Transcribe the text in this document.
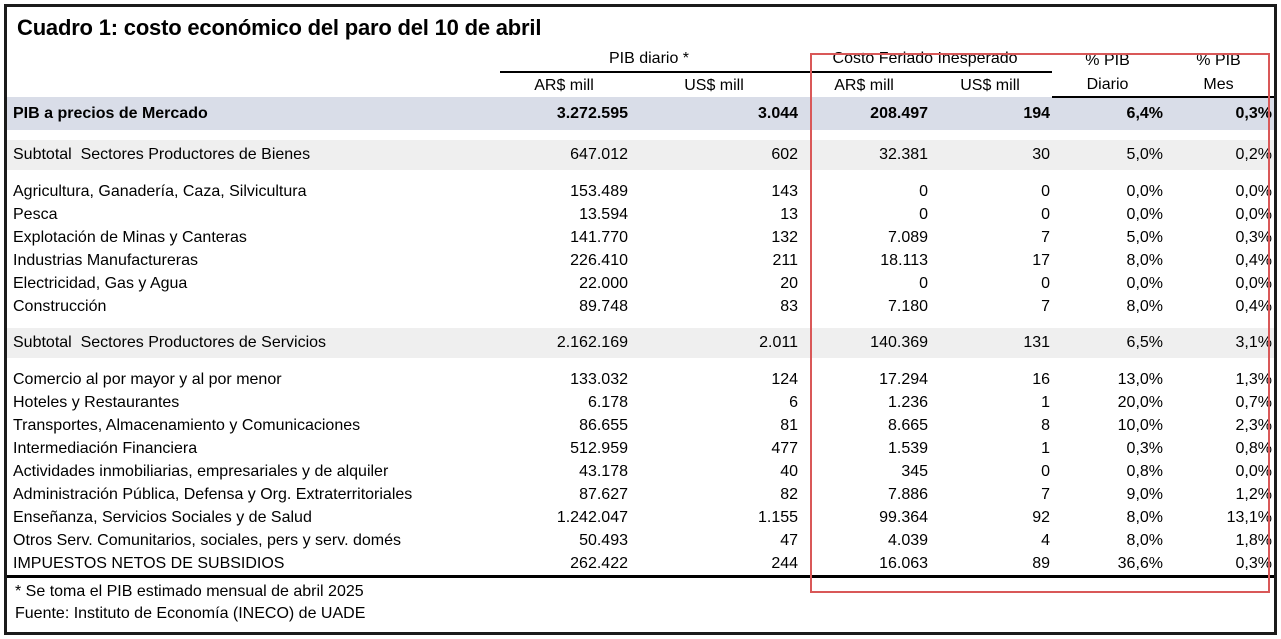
Cuadro 1: costo económico del paro del 10 de abril
	PIB diario *		Costo Feriado Inesperado		% PIB	% PIB
	AR$ mill	US$ mill	AR$ mill	US$ mill	Diario	Mes
PIB a precios de Mercado	3.272.595	3.044	208.497	194	6,4%	0,3%

Subtotal  Sectores Productores de Bienes	647.012	602	32.381	30	5,0%	0,2%

Agricultura, Ganadería, Caza, Silvicultura	153.489	143	0	0	0,0%	0,0%
Pesca	13.594	13	0	0	0,0%	0,0%
Explotación de Minas y Canteras	141.770	132	7.089	7	5,0%	0,3%
Industrias Manufactureras	226.410	211	18.113	17	8,0%	0,4%
Electricidad, Gas y Agua	22.000	20	0	0	0,0%	0,0%
Construcción	89.748	83	7.180	7	8,0%	0,4%

Subtotal  Sectores Productores de Servicios	2.162.169	2.011	140.369	131	6,5%	3,1%

Comercio al por mayor y al por menor	133.032	124	17.294	16	13,0%	1,3%
Hoteles y Restaurantes	6.178	6	1.236	1	20,0%	0,7%
Transportes, Almacenamiento y Comunicaciones	86.655	81	8.665	8	10,0%	2,3%
Intermediación Financiera	512.959	477	1.539	1	0,3%	0,8%
Actividades inmobiliarias, empresariales y de alquiler	43.178	40	345	0	0,8%	0,0%
Administración Pública, Defensa y Org. Extraterritoriales	87.627	82	7.886	7	9,0%	1,2%
Enseñanza, Servicios Sociales y de Salud	1.242.047	1.155	99.364	92	8,0%	13,1%
Otros Serv. Comunitarios, sociales, pers y serv. domés	50.493	47	4.039	4	8,0%	1,8%
IMPUESTOS NETOS DE SUBSIDIOS	262.422	244	16.063	89	36,6%	0,3%
* Se toma el PIB estimado mensual de abril 2025
Fuente: Instituto de Economía (INECO) de UADE
